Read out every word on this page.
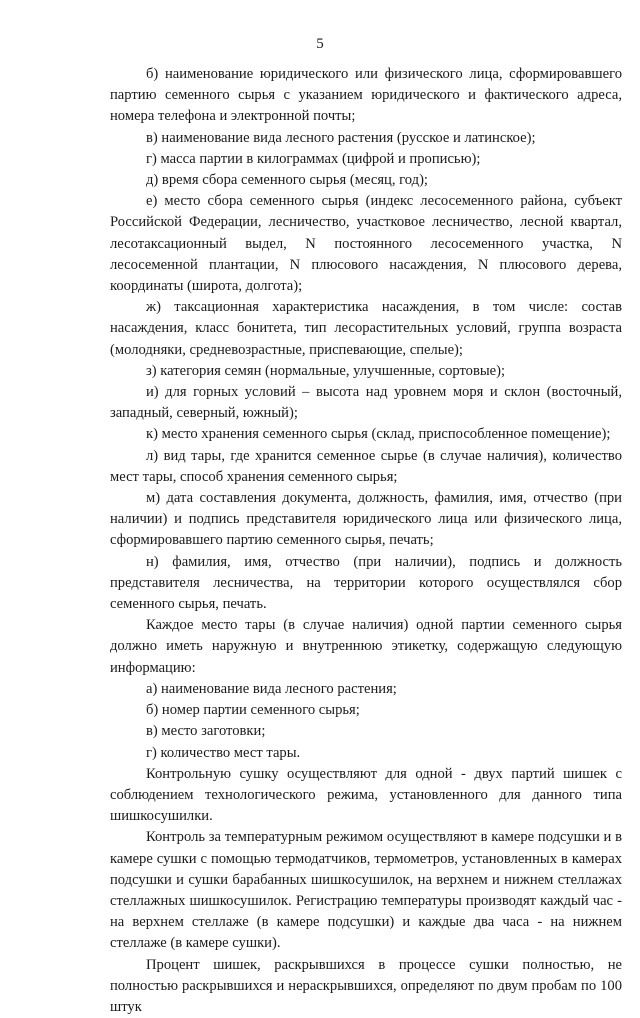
5

б) наименование юридического или физического лица, сформировавшего партию семенного сырья с указанием юридического и фактического адреса, номера телефона и электронной почты;

в) наименование вида лесного растения (русское и латинское);

г) масса партии в килограммах (цифрой и прописью);

д) время сбора семенного сырья (месяц, год);

е) место сбора семенного сырья (индекс лесосеменного района, субъект Российской Федерации, лесничество, участковое лесничество, лесной квартал, лесотаксационный выдел, N постоянного лесосеменного участка, N лесосеменной плантации, N плюсового насаждения, N плюсового дерева, координаты (широта, долгота);

ж) таксационная характеристика насаждения, в том числе: состав насаждения, класс бонитета, тип лесорастительных условий, группа возраста (молодняки, средневозрастные, приспевающие, спелые);

з) категория семян (нормальные, улучшенные, сортовые);

и) для горных условий – высота над уровнем моря и склон (восточный, западный, северный, южный);

к) место хранения семенного сырья (склад, приспособленное помещение);

л) вид тары, где хранится семенное сырье (в случае наличия), количество мест тары, способ хранения семенного сырья;

м) дата составления документа, должность, фамилия, имя, отчество (при наличии) и подпись представителя юридического лица или физического лица, сформировавшего партию семенного сырья, печать;

н) фамилия, имя, отчество (при наличии), подпись и должность представителя лесничества, на территории которого осуществлялся сбор семенного сырья, печать.

Каждое место тары (в случае наличия) одной партии семенного сырья должно иметь наружную и внутреннюю этикетку, содержащую следующую информацию:

а) наименование вида лесного растения;

б) номер партии семенного сырья;

в) место заготовки;

г) количество мест тары.

Контрольную сушку осуществляют для одной - двух партий шишек с соблюдением технологического режима, установленного для данного типа шишкосушилки.

Контроль за температурным режимом осуществляют в камере подсушки и в камере сушки с помощью термодатчиков, термометров, установленных в камерах подсушки и сушки барабанных шишкосушилок, на верхнем и нижнем стеллажах стеллажных шишкосушилок. Регистрацию температуры производят каждый час - на верхнем стеллаже (в камере подсушки) и каждые два часа - на нижнем стеллаже (в камере сушки).

Процент шишек, раскрывшихся в процессе сушки полностью, не полностью раскрывшихся и нераскрывшихся, определяют по двум пробам по 100 штук
